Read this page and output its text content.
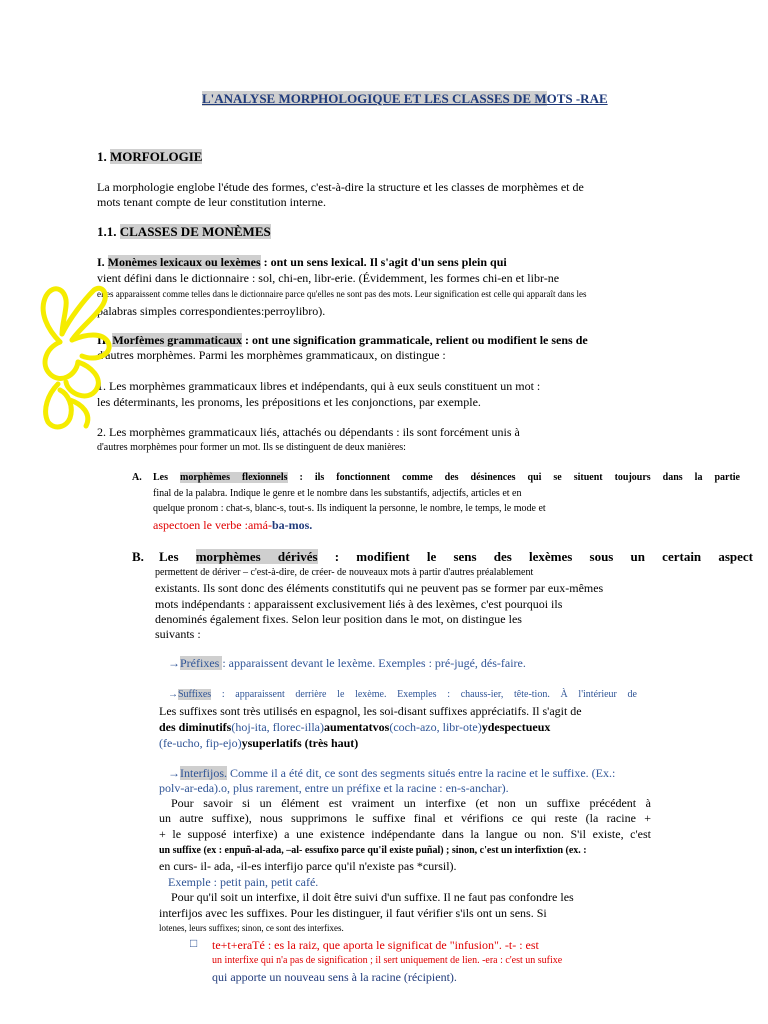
L'ANALYSE MORPHOLOGIQUE ET LES CLASSES DE MOTS -RAE
1. MORFOLOGIE
La morphologie englobe l'étude des formes, c'est-à-dire la structure et les classes de morphèmes et de
mots tenant compte de leur constitution interne.
1.1. CLASSES DE MONÈMES
I. Monèmes lexicaux ou lexèmes : ont un sens lexical. Il s'agit d'un sens plein qui
vient défini dans le dictionnaire : sol, chi-en, libr-erie. (Évidemment, les formes chi-en et libr-ne
elles apparaissent comme telles dans le dictionnaire parce qu'elles ne sont pas des mots. Leur signification est celle qui apparaît dans les
palabras simples correspondientes:perroylibro).
II. Morfèmes grammaticaux : ont une signification grammaticale, relient ou modifient le sens de
d'autres morphèmes. Parmi les morphèmes grammaticaux, on distingue :
1. Les morphèmes grammaticaux libres et indépendants, qui à eux seuls constituent un mot :
les déterminants, les pronoms, les prépositions et les conjonctions, par exemple.
2. Les morphèmes grammaticaux liés, attachés ou dépendants : ils sont forcément unis à
d'autres morphèmes pour former un mot. Ils se distinguent de deux manières:
A. Les morphèmes flexionnels : ils fonctionnent comme des désinences qui se situent toujours dans la partie
final de la palabra. Indique le genre et le nombre dans les substantifs, adjectifs, articles et en
quelque pronom : chat-s, blanc-s, tout-s. Ils indiquent la personne, le nombre, le temps, le mode et
aspectoen le verbe :amá-ba-mos.
B. Les morphèmes dérivés : modifient le sens des lexèmes sous un certain aspect
permettent de dériver – c'est-à-dire, de créer- de nouveaux mots à partir d'autres préalablement
existants. Ils sont donc des éléments constitutifs qui ne peuvent pas se former par eux-mêmes
mots indépendants : apparaissent exclusivement liés à des lexèmes, c'est pourquoi ils
denominés également fixes. Selon leur position dans le mot, on distingue les
suivants :
→Préfixes : apparaissent devant le lexème. Exemples : pré-jugé, dés-faire.
→Suffixes : apparaissent derrière le lexème. Exemples : chauss-ier, tête-tion. À l'intérieur de
Les suffixes sont très utilisés en espagnol, les soi-disant suffixes appréciatifs. Il s'agit de
des diminutifs(hoj-ita, florec-illa)aumentatvos(coch-azo, libr-ote)ydespectueux
(fe-ucho, fip-ejo)ysuperlatifs (très haut)
→Interfijos. Comme il a été dit, ce sont des segments situés entre la racine et le suffixe. (Ex.:
polv-ar-eda).o, plus rarement, entre un préfixe et la racine : en-s-anchar).
Pour savoir si un élément est vraiment un interfixe (et non un suffixe précédent à
un autre suffixe), nous supprimons le suffixe final et vérifions ce qui reste (la racine +
+ le supposé interfixe) a une existence indépendante dans la langue ou non. S'il existe, c'est
un suffixe (ex : enpuñ-al-ada, –al- essufixo parce qu'il existe puñal) ; sinon, c'est un interfixtion (ex. :
en curs- il- ada, -il-es interfijo parce qu'il n'existe pas *cursil).
Exemple : petit pain, petit café.
Pour qu'il soit un interfixe, il doit être suivi d'un suffixe. Il ne faut pas confondre les
interfijos avec les suffixes. Pour les distinguer, il faut vérifier s'ils ont un sens. Si
lotenes, leurs suffixes; sinon, ce sont des interfixes.
□ te+t+eraTé : es la raiz, que aporta le significat de "infusion". -t- : est
un interfixe qui n'a pas de signification ; il sert uniquement de lien. -era : c'est un sufixe
qui apporte un nouveau sens à la racine (récipient).
